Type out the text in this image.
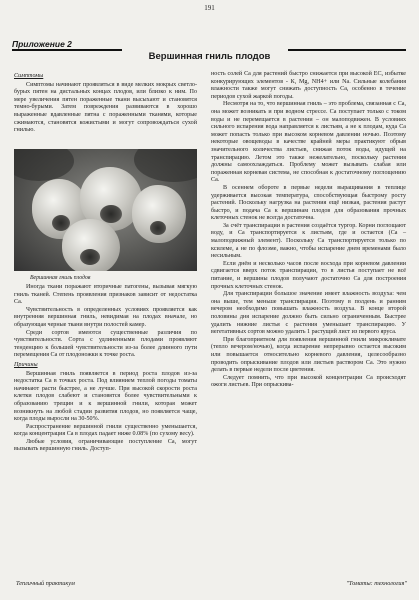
191
Приложение 2
Вершинная гниль плодов

Симптомы

Симптомы начинают проявляться в виде мелких мокрых светло-бурых пятен на дистальных концах плодов, или близко к ним. По мере увеличения пятен пораженные ткани высыхают и становятся темно-бурыми. Затем повреждения развиваются в хорошо выраженные вдавленные пятна с пораженными тканями, которые сжимаются, становятся кожистыми и могут сопровождаться сухой гнилью.

Вершинная гниль плодов

Иногда ткани поражают вторичные патогены, вызывая мягкую гниль тканей. Степень проявления признаков зависит от недостатка Са.

Чувствительность в определенных условиях проявляется как внутренняя вершинная гниль, невидимая на плодах вначале, но образующая черные ткани внутри полостей камер.

Среди сортов имеются существенные различия по чувствительности. Сорта с удлиненными плодами проявляют тенденцию к большей чувствительности из-за более длинного пути перемещения Са от плодоножки к точке роста.

Причины

Вершинная гниль появляется в период роста плодов из-за недостатка Са в точках роста. Под влиянием теплой погоды томаты начинают расти быстрее, а не лучше. При высокой скорости роста клетки плодов слабеют и становятся более чувствительными к образованию трещин и к вершинной гнили, которая может возникнуть на любой стадии развития плодов, но появляется чаще, когда плоды выросли на 30-50%.

Распространение вершинной гнили существенно уменьшается, когда концентрация Са в плодах падает ниже 0.08% (по сухому весу).

Любые условия, ограничивающие поступление Са, могут вызывать вершинную гниль. Доступ-

ность солей Са для растений быстро снижается при высокой ЕС, избытке конкурирующих элементов - К, Mg, NH4+ или Na. Сильные колебания влажности также могут снижать доступность Са, особенно в течение периодов сухой жаркой погоды.

Несмотря на то, что вершинная гниль – это проблема, связанная с Са, она может возникать и при водном стрессе. Са поступает только с током воды и не перемещается в растении – он малоподвижен. В условиях сильного испарения вода направляется к листьям, а не к плодам, куда Са может попасть только при высоком корневом давлении ночью. Поэтому некоторые овощеводы в качестве крайней меры практикуют обрыв значительного количества листьев, снижая поток воды, идущей на транспирацию. Летом это также нежелательно, поскольку растения должны самоохлаждаться. Проблему может вызывать слабая или пораженная корневая система, не способная к достаточному поглощению Са.

В осеннем обороте в первые недели выращивания в теплице удерживается высокая температура, способствующая быстрому росту растений. Поскольку нагрузка на растения ещё низкая, растения растут быстро, и подача Са к вершинам плодов для образования прочных клеточных стенок не всегда достаточна.

За счёт транспирации в растения создаётся тургор. Корни поглощают воду, и Са транспортируется к листьям, где и остается (Са – малоподвижный элемент). Поскольку Са транспортируется только по ксилеме, а не по флоэме, важно, чтобы испарение днем временами было несильным.

Если днём и несколько часов после восхода при корневом давлении сдвигается вверх поток транспирации, то в листья поступает не всё питание, и вершины плодов получают достаточно Са для построения прочных клеточных стенок.

Для транспирации большое значение имеет влажность воздуха: чем она выше, тем меньше транспирация. Поэтому в полдень и ранним вечером необходимо повышать влажность воздуха. В конце второй половины дня испарение должно быть сильно ограниченным. Быстрее удалить нижние листья с растения уменьшает транспирацию. У вегетативных сортов можно удалить 1 растущий лист из первого яруса.

При благоприятном для появления вершинной гнили микроклимате (тепло вечером/ночью), когда испарение непрерывно остается высоким или повышается относительно корневого давления, целесообразно проводить опрыскивание плодов или листьев раствором Са. Это нужно делать в первые недели после цветения.

Следует помнить, что при высокой концентрации Са происходят ожоги листьев. При опрыскива-

Тепличный практикум	"Томаты: технология"
